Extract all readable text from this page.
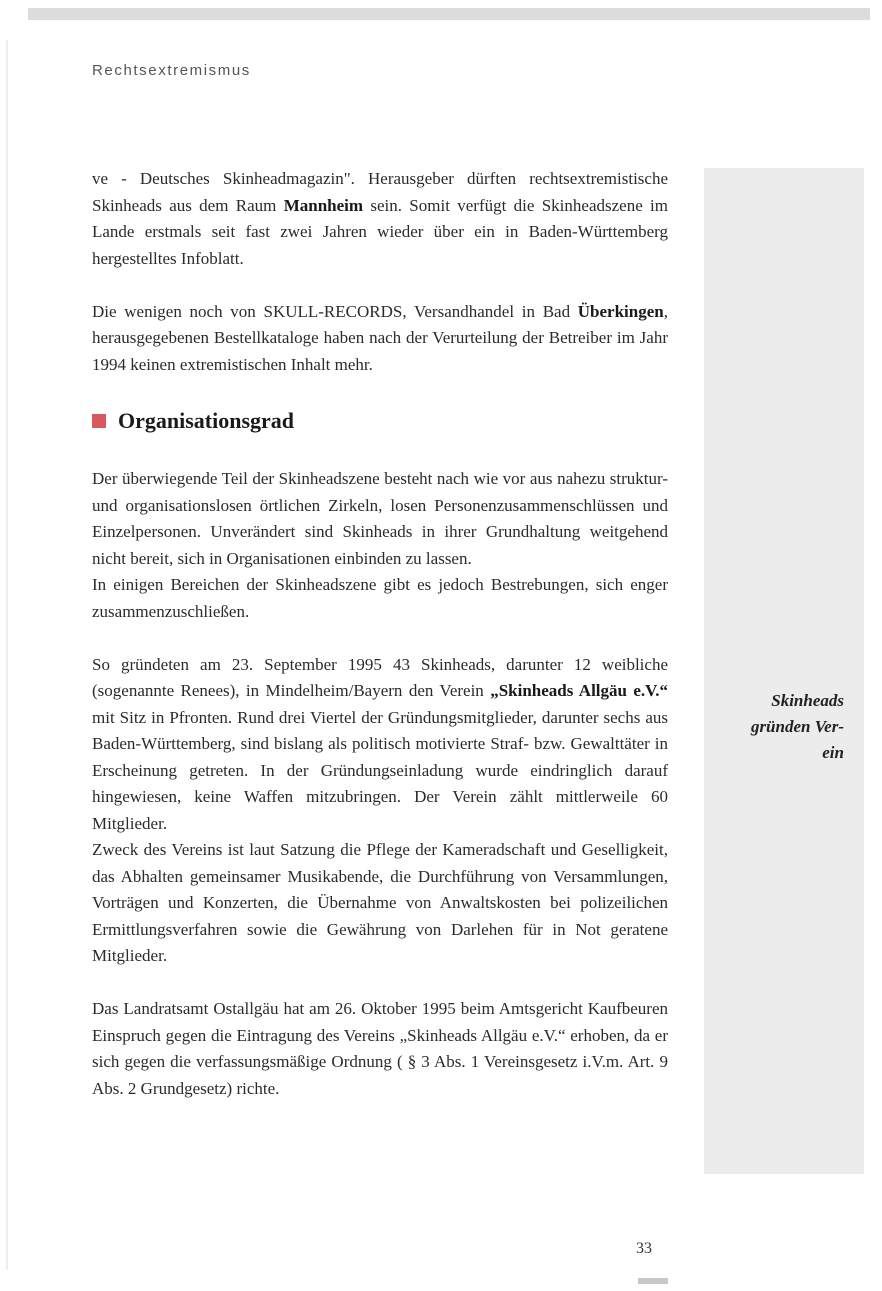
Rechtsextremismus
Skinheads
gründen Ver-
ein

ve - Deutsches Skinheadmagazin". Herausgeber dürften rechtsextremistische Skinheads aus dem Raum Mannheim sein. Somit verfügt die Skinheadszene im Lande erstmals seit fast zwei Jahren wieder über ein in Baden-Württemberg hergestelltes Infoblatt.

Die wenigen noch von SKULL-RECORDS, Versandhandel in Bad Überkingen, herausgegebenen Bestellkataloge haben nach der Verurteilung der Betreiber im Jahr 1994 keinen extremistischen Inhalt mehr.

Organisationsgrad

Der überwiegende Teil der Skinheadszene besteht nach wie vor aus nahezu struktur- und organisationslosen örtlichen Zirkeln, losen Personenzusammenschlüssen und Einzelpersonen. Unverändert sind Skinheads in ihrer Grundhaltung weitgehend nicht bereit, sich in Organisationen einbinden zu lassen.

In einigen Bereichen der Skinheadszene gibt es jedoch Bestrebungen, sich enger zusammenzuschließen.

So gründeten am 23. September 1995 43 Skinheads, darunter 12 weibliche (sogenannte Renees), in Mindelheim/Bayern den Verein „Skinheads Allgäu e.V.“ mit Sitz in Pfronten. Rund drei Viertel der Gründungsmitglieder, darunter sechs aus Baden-Württemberg, sind bislang als politisch motivierte Straf- bzw. Gewalttäter in Erscheinung getreten. In der Gründungseinladung wurde eindringlich darauf hingewiesen, keine Waffen mitzubringen. Der Verein zählt mittlerweile 60 Mitglieder.

Zweck des Vereins ist laut Satzung die Pflege der Kameradschaft und Geselligkeit, das Abhalten gemeinsamer Musikabende, die Durchführung von Versammlungen, Vorträgen und Konzerten, die Übernahme von Anwaltskosten bei polizeilichen Ermittlungsverfahren sowie die Gewährung von Darlehen für in Not geratene Mitglieder.

Das Landratsamt Ostallgäu hat am 26. Oktober 1995 beim Amtsgericht Kaufbeuren Einspruch gegen die Eintragung des Vereins „Skinheads Allgäu e.V.“ erhoben, da er sich gegen die verfassungsmäßige Ordnung ( § 3 Abs. 1 Vereinsgesetz i.V.m. Art. 9 Abs. 2 Grundgesetz) richte.

33
